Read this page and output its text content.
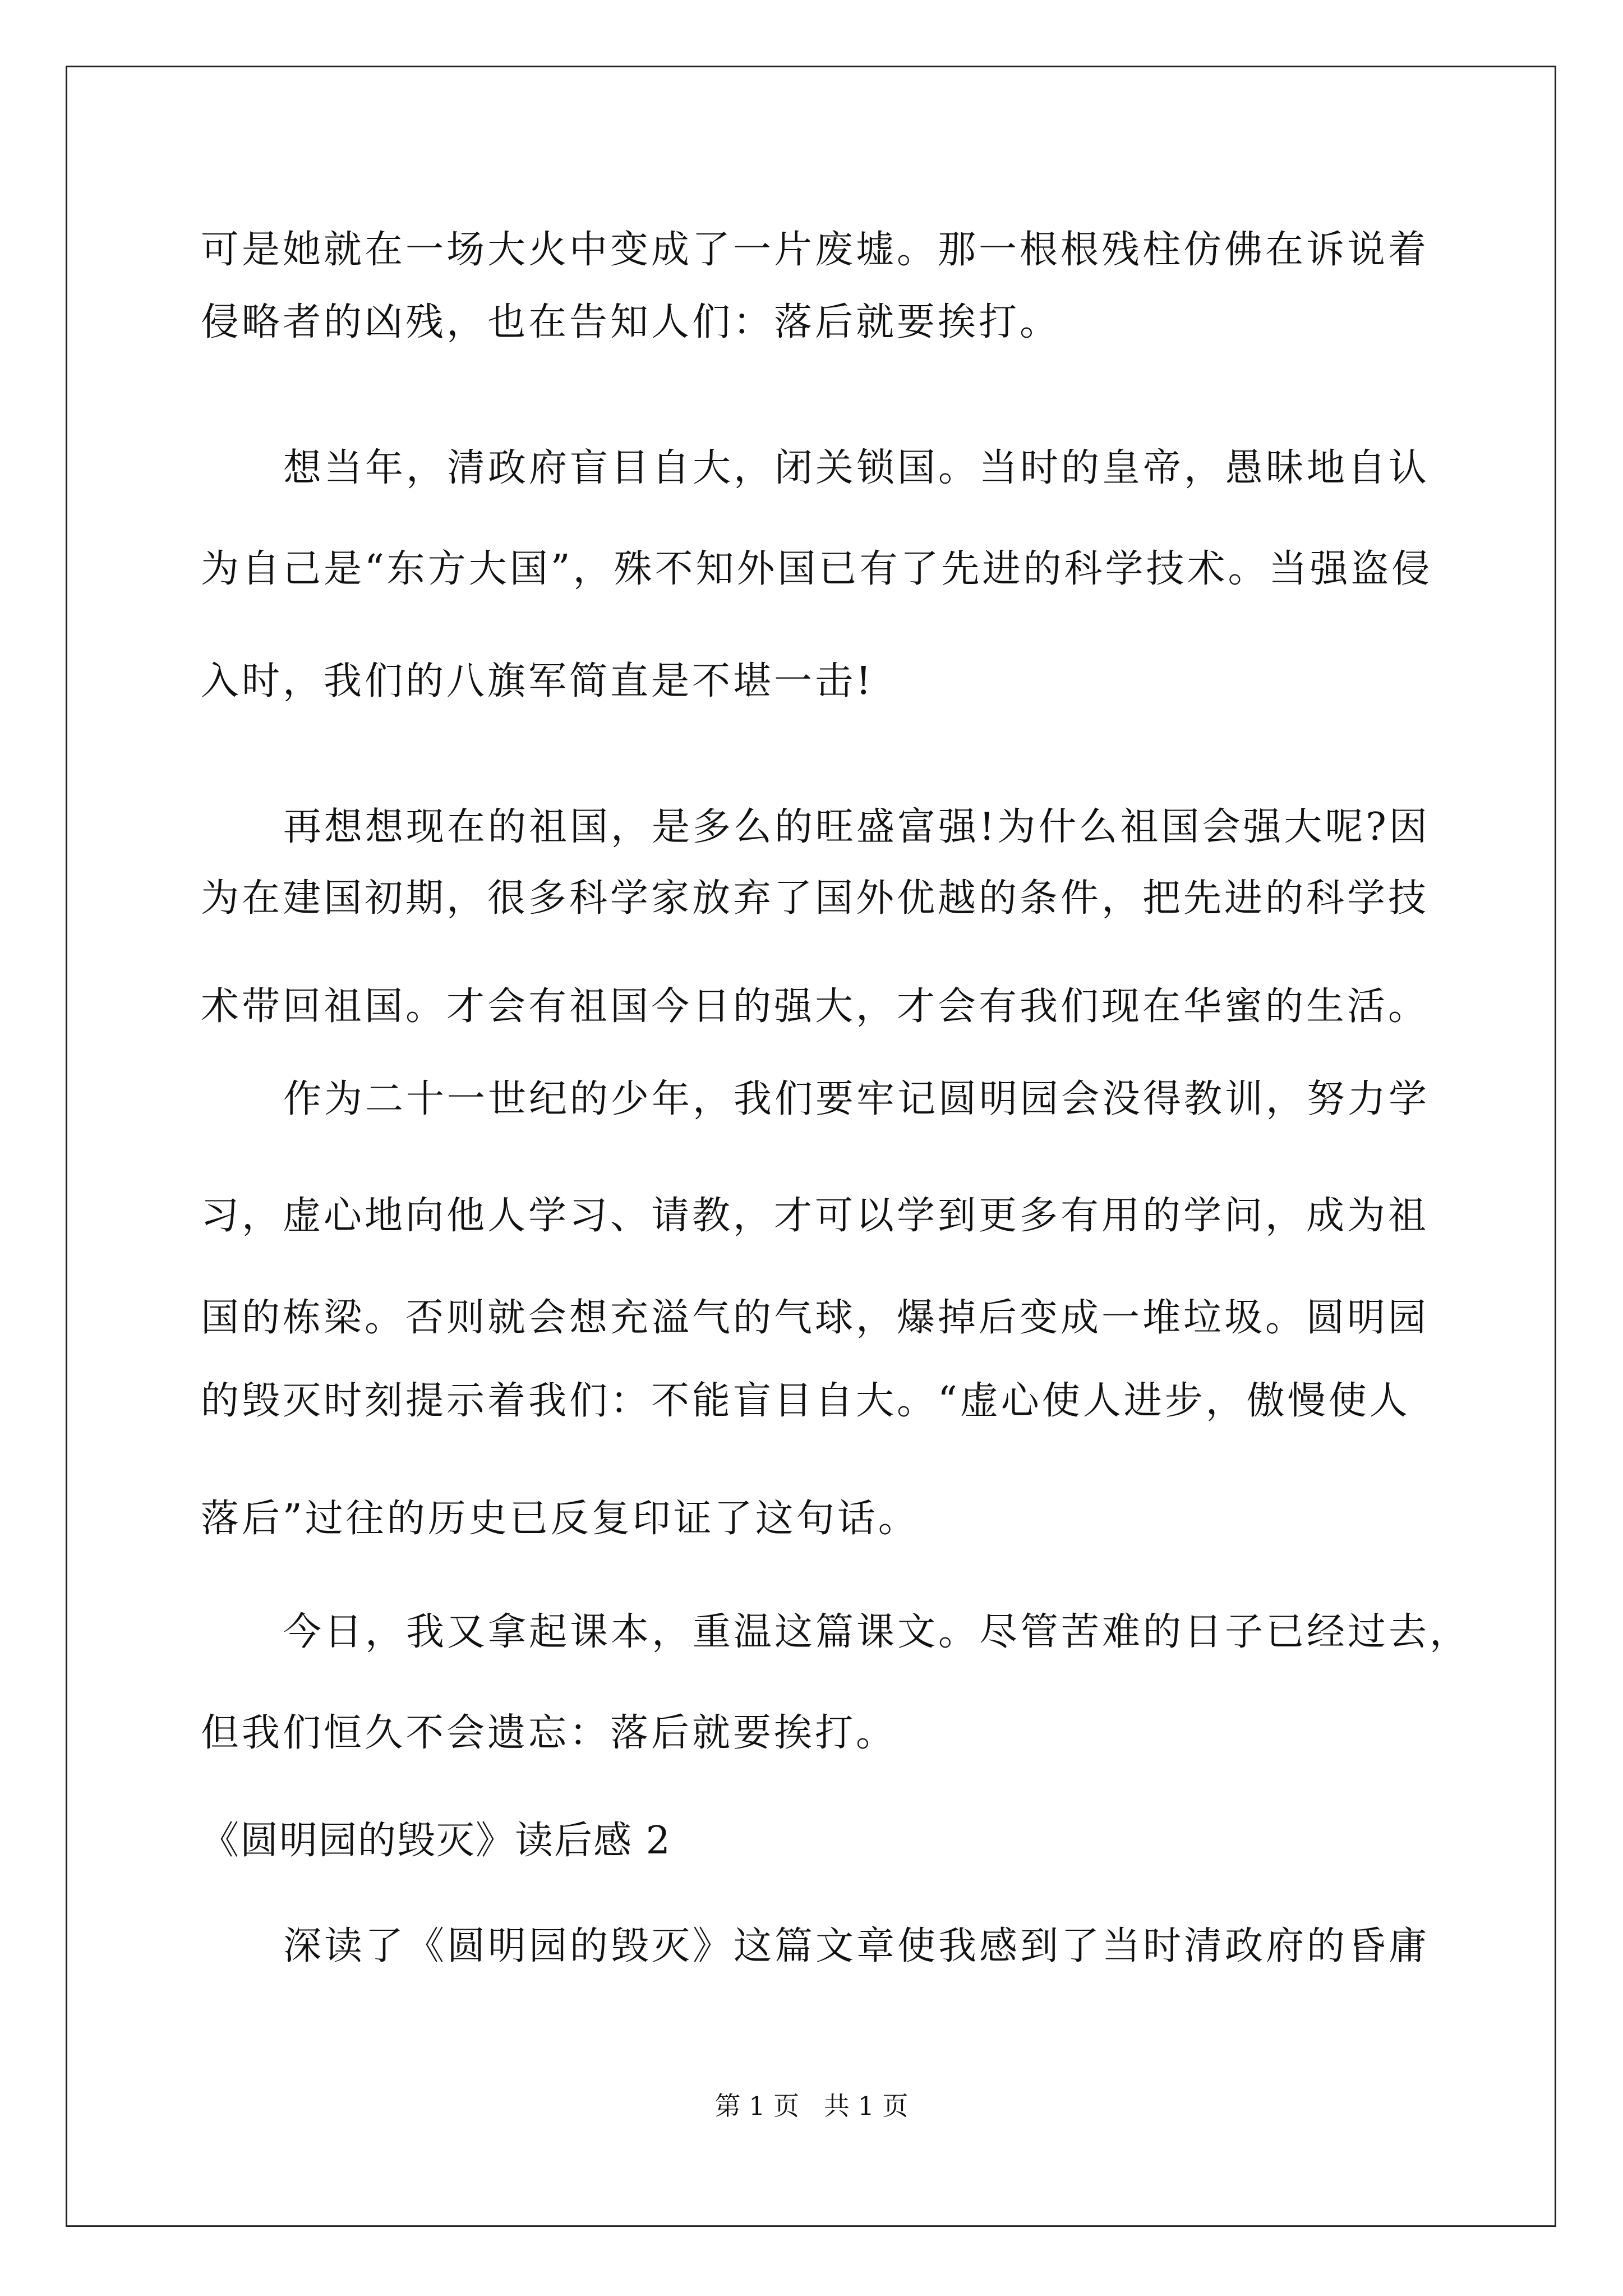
可是她就在一场大火中变成了一片废墟。那一根根残柱仿佛在诉说着
侵略者的凶残，也在告知人们：落后就要挨打。
想当年，清政府盲目自大，闭关锁国。当时的皇帝，愚昧地自认
为自己是“东方大国”，殊不知外国已有了先进的科学技术。当强盗侵
入时，我们的八旗军简直是不堪一击!
再想想现在的祖国，是多么的旺盛富强!为什么祖国会强大呢?因
为在建国初期，很多科学家放弃了国外优越的条件，把先进的科学技
术带回祖国。才会有祖国今日的强大，才会有我们现在华蜜的生活。
作为二十一世纪的少年，我们要牢记圆明园会没得教训，努力学
习，虚心地向他人学习、请教，才可以学到更多有用的学问，成为祖
国的栋梁。否则就会想充溢气的气球，爆掉后变成一堆垃圾。圆明园
的毁灭时刻提示着我们：不能盲目自大。“虚心使人进步，傲慢使人
落后”过往的历史已反复印证了这句话。
今日，我又拿起课本，重温这篇课文。尽管苦难的日子已经过去，
但我们恒久不会遗忘：落后就要挨打。
《圆明园的毁灭》读后感 2
深读了《圆明园的毁灭》这篇文章使我感到了当时清政府的昏庸
第 1 页   共 1 页
